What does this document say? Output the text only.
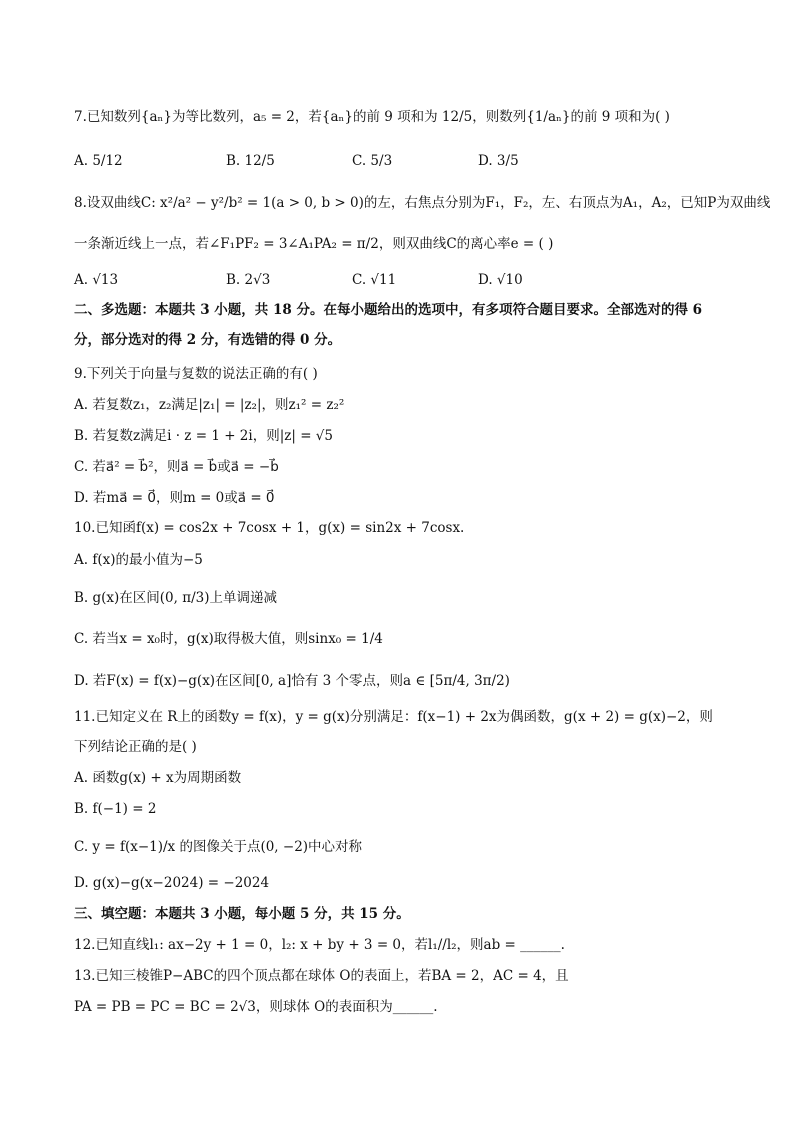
7.已知数列{aₙ}为等比数列，a₅ = 2，若{aₙ}的前 9 项和为 12/5，则数列{1/aₙ}的前 9 项和为( )
A. 5/12	B. 12/5	C. 5/3	D. 3/5
8.设双曲线C: x²/a² − y²/b² = 1(a > 0, b > 0)的左，右焦点分别为F₁，F₂，左、右顶点为A₁，A₂，已知P为双曲线
一条渐近线上一点，若∠F₁PF₂ = 3∠A₁PA₂ = π/2，则双曲线C的离心率e = ( )
A. √13	B. 2√3	C. √11	D. √10
二、多选题：本题共 3 小题，共 18 分。在每小题给出的选项中，有多项符合题目要求。全部选对的得 6
分，部分选对的得 2 分，有选错的得 0 分。
9.下列关于向量与复数的说法正确的有( )
A. 若复数z₁，z₂满足|z₁| = |z₂|，则z₁² = z₂²
B. 若复数z满足i · z = 1 + 2i，则|z| = √5
C. 若a⃗² = b⃗²，则a⃗ = b⃗或a⃗ = −b⃗
D. 若ma⃗ = 0⃗，则m = 0或a⃗ = 0⃗
10.已知函f(x) = cos2x + 7cosx + 1，g(x) = sin2x + 7cosx.
A. f(x)的最小值为−5
B. g(x)在区间(0, π/3)上单调递减
C. 若当x = x₀时，g(x)取得极大值，则sinx₀ = 1/4
D. 若F(x) = f(x)−g(x)在区间[0, a]恰有 3 个零点，则a ∈ [5π/4, 3π/2)
11.已知定义在 R上的函数y = f(x)，y = g(x)分别满足：f(x−1) + 2x为偶函数，g(x + 2) = g(x)−2，则
下列结论正确的是( )
A. 函数g(x) + x为周期函数
B. f(−1) = 2
C. y = f(x−1)/x 的图像关于点(0, −2)中心对称
D. g(x)−g(x−2024) = −2024
三、填空题：本题共 3 小题，每小题 5 分，共 15 分。
12.已知直线l₁: ax−2y + 1 = 0，l₂: x + by + 3 = 0，若l₁//l₂，则ab = ______.
13.已知三棱锥P−ABC的四个顶点都在球体 O的表面上，若BA = 2，AC = 4，且
PA = PB = PC = BC = 2√3，则球体 O的表面积为______.
